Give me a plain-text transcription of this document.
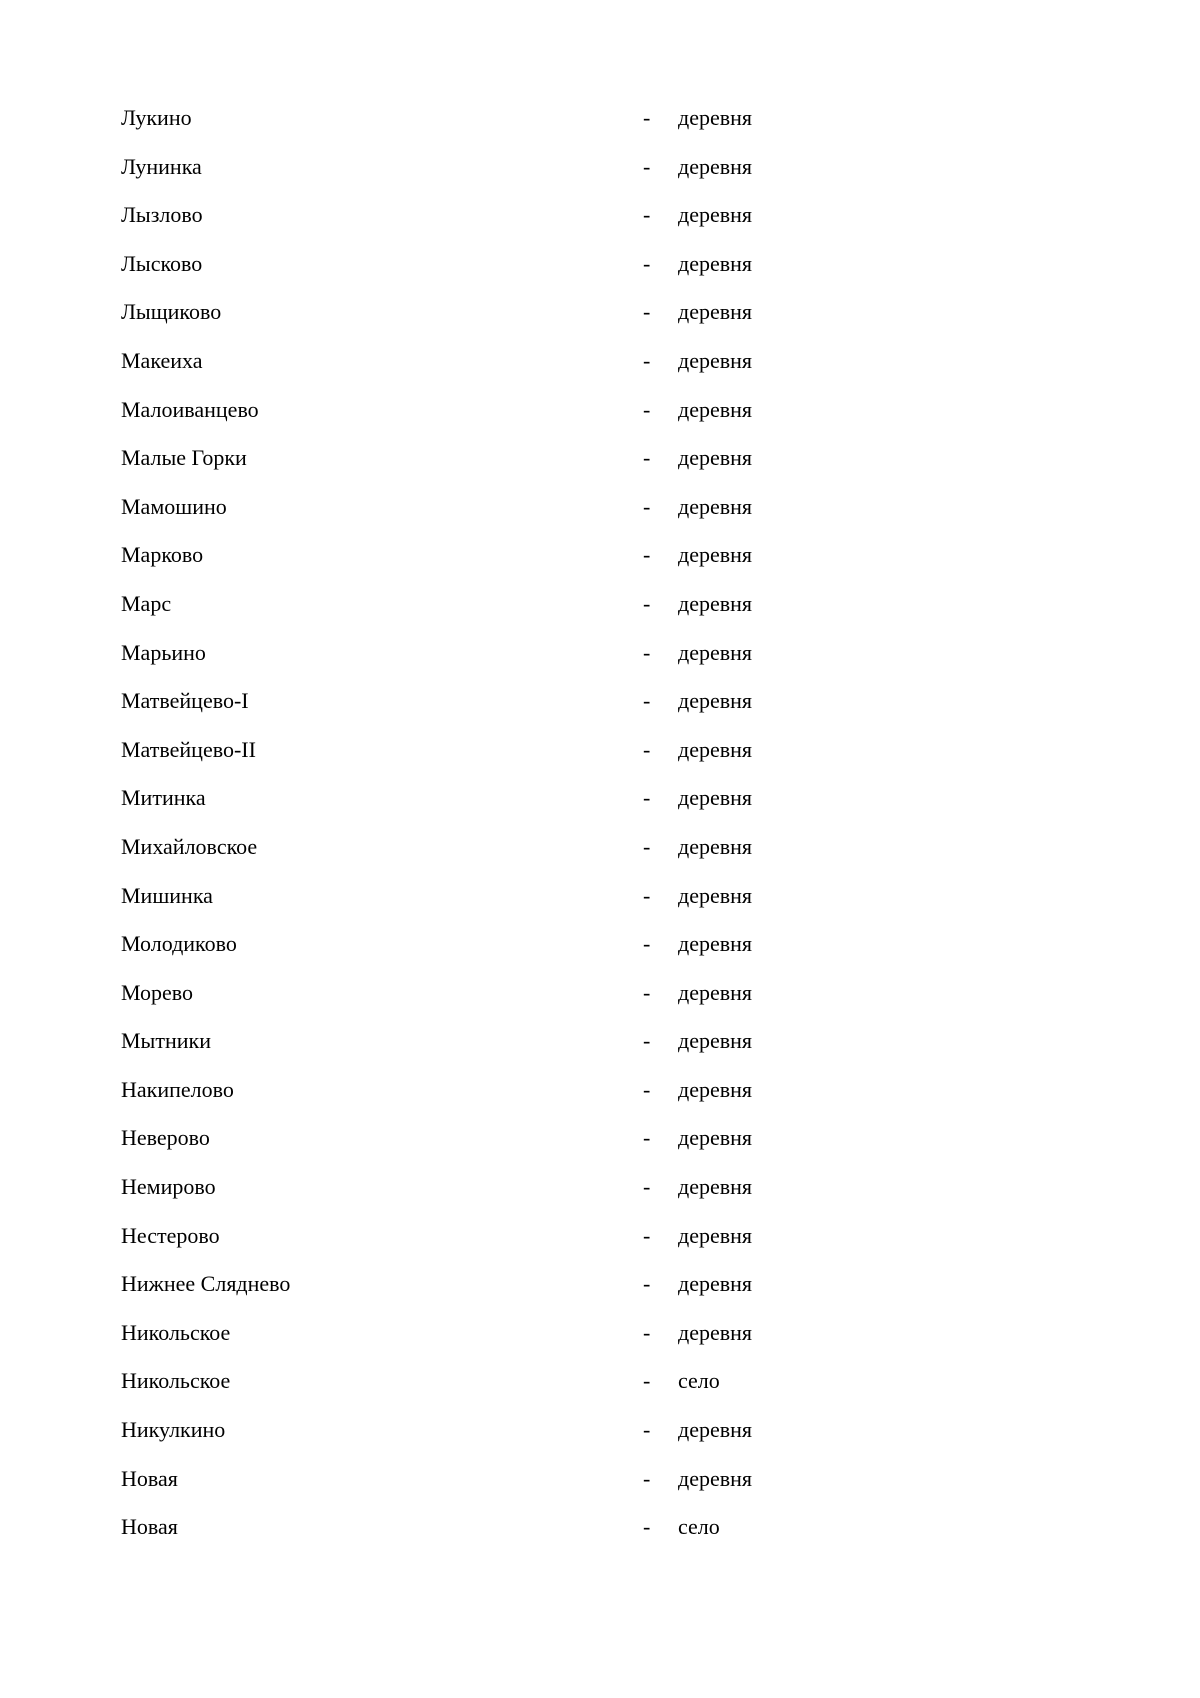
Лукино	- деревня
Лунинка	- деревня
Лызлово	- деревня
Лысково	- деревня
Лыщиково	- деревня
Макеиха	- деревня
Малоиванцево	- деревня
Малые Горки	- деревня
Мамошино	- деревня
Марково	- деревня
Марс	- деревня
Марьино	- деревня
Матвейцево-I	- деревня
Матвейцево-II	- деревня
Митинка	- деревня
Михайловское	- деревня
Мишинка	- деревня
Молодиково	- деревня
Морево	- деревня
Мытники	- деревня
Накипелово	- деревня
Неверово	- деревня
Немирово	- деревня
Нестерово	- деревня
Нижнее Сляднево	- деревня
Никольское	- деревня
Никольское	- село
Никулкино	- деревня
Новая	- деревня
Новая	- село
